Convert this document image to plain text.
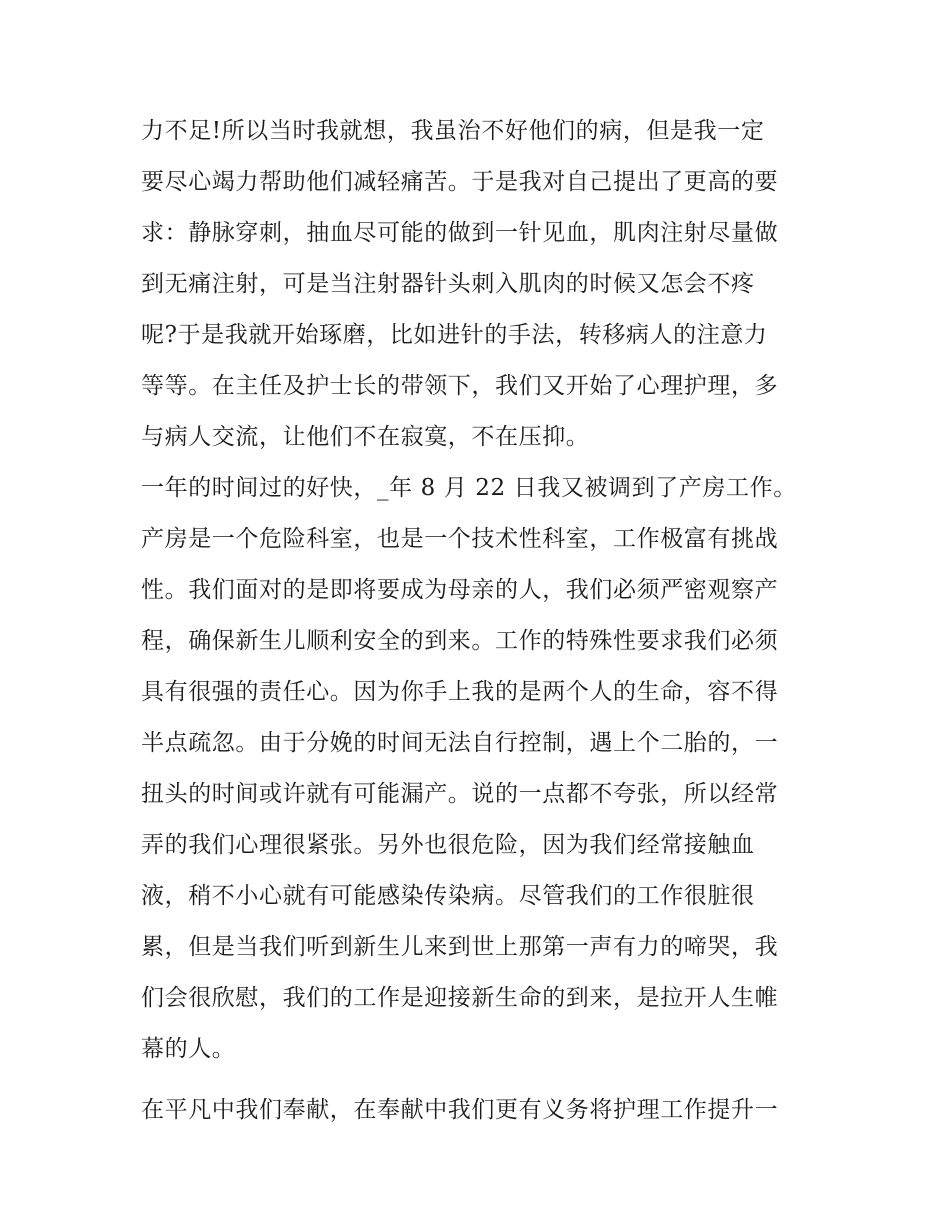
力不足!所以当时我就想，我虽治不好他们的病，但是我一定
要尽心竭力帮助他们减轻痛苦。于是我对自己提出了更高的要
求：静脉穿刺，抽血尽可能的做到一针见血，肌肉注射尽量做
到无痛注射，可是当注射器针头刺入肌肉的时候又怎会不疼
呢?于是我就开始琢磨，比如进针的手法，转移病人的注意力
等等。在主任及护士长的带领下，我们又开始了心理护理，多
与病人交流，让他们不在寂寞，不在压抑。
一年的时间过的好快，_年 8 月 22 日我又被调到了产房工作。
产房是一个危险科室，也是一个技术性科室，工作极富有挑战
性。我们面对的是即将要成为母亲的人，我们必须严密观察产
程，确保新生儿顺利安全的到来。工作的特殊性要求我们必须
具有很强的责任心。因为你手上我的是两个人的生命，容不得
半点疏忽。由于分娩的时间无法自行控制，遇上个二胎的，一
扭头的时间或许就有可能漏产。说的一点都不夸张，所以经常
弄的我们心理很紧张。另外也很危险，因为我们经常接触血
液，稍不小心就有可能感染传染病。尽管我们的工作很脏很
累，但是当我们听到新生儿来到世上那第一声有力的啼哭，我
们会很欣慰，我们的工作是迎接新生命的到来，是拉开人生帷
幕的人。
在平凡中我们奉献，在奉献中我们更有义务将护理工作提升一
